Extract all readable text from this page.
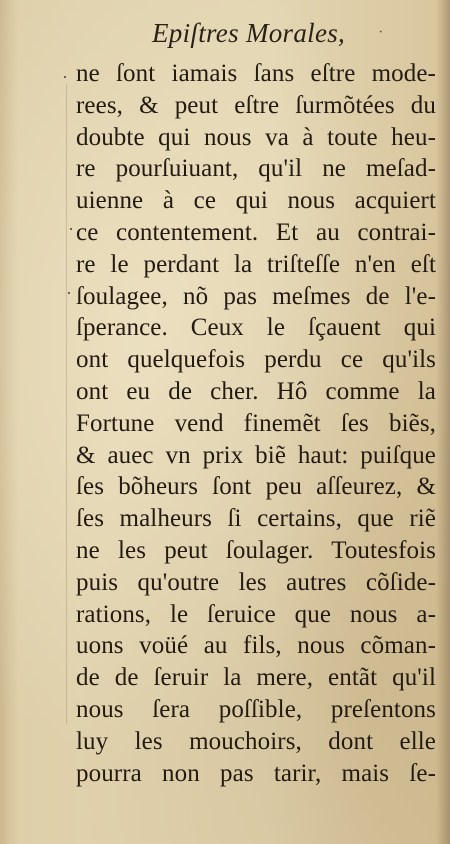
Epiſtres Morales, ·
ne ſont iamais ſans eſtre mode-
rees, & peut eſtre ſurmõtées du
doubte qui nous va à toute heu-
re pourſuiuant, qu'il ne meſad-
uienne à ce qui nous acquiert
ce contentement. Et au contrai-
re le perdant la triſteſſe n'en eſt
ſoulagee, nõ pas meſmes de l'e-
ſperance. Ceux le ſçauent qui
ont quelquefois perdu ce qu'ils
ont eu de cher. Hô comme la
Fortune vend finemẽt ſes biẽs,
& auec vn prix biẽ haut: puiſque
ſes bõheurs ſont peu aſſeurez, &
ſes malheurs ſi certains, que riẽ
ne les peut ſoulager. Toutesfois
puis qu'outre les autres cõſide-
rations, le ſeruice que nous a-
uons voüé au fils, nous cõman-
de de ſeruir la mere, entãt qu'il
nous ſera poſſible, preſentons
luy les mouchoirs, dont elle
pourra non pas tarir, mais ſe-
